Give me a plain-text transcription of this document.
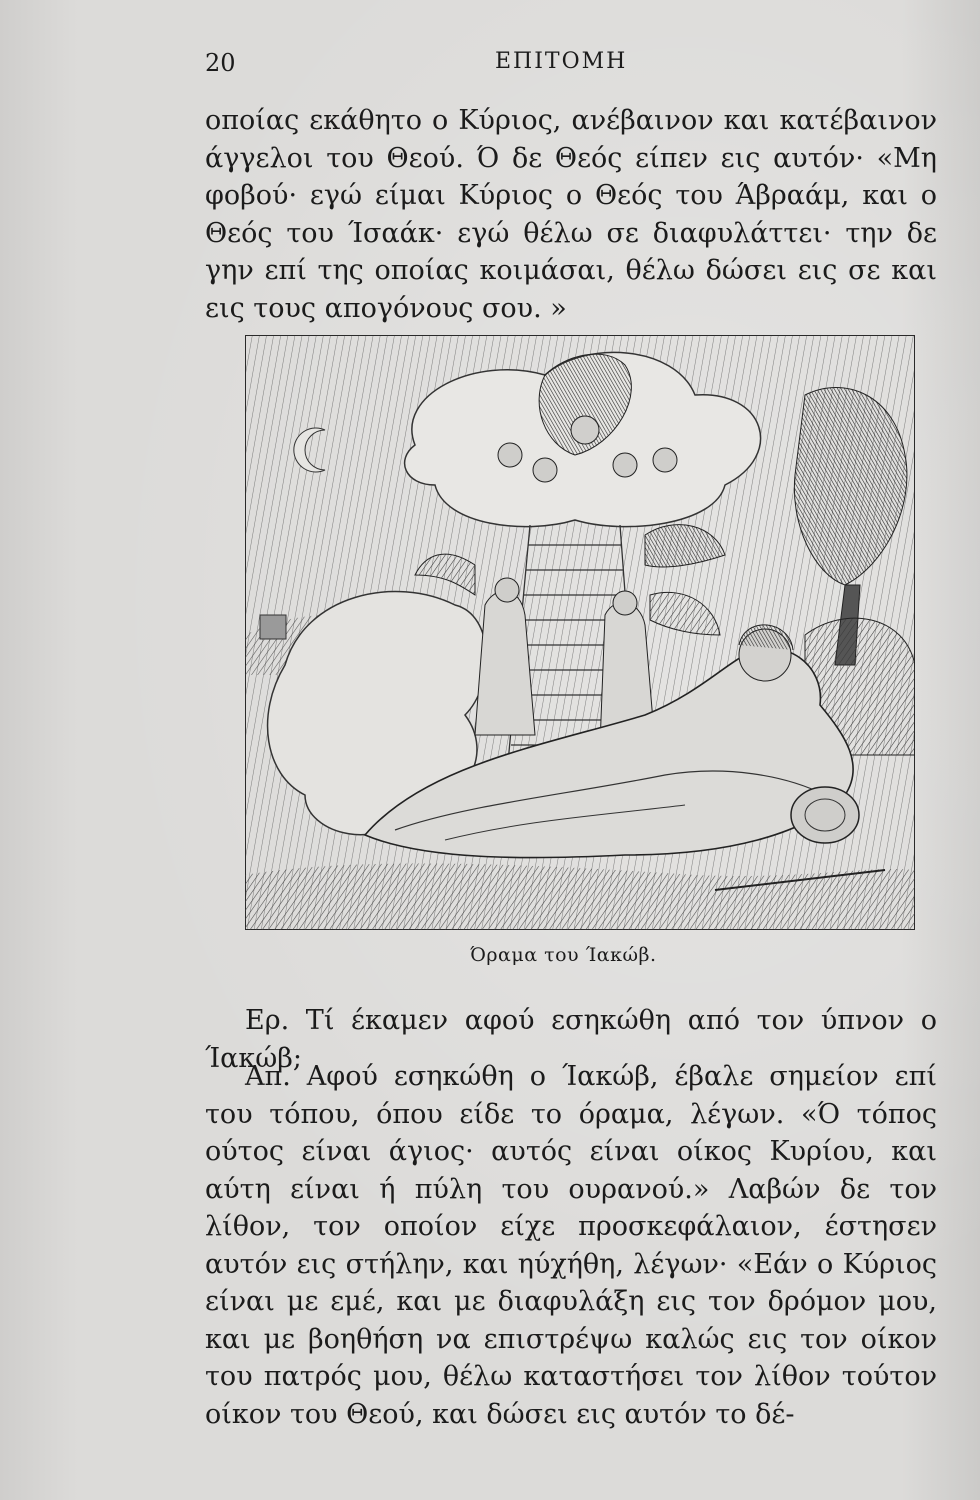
20	ΕΠΙΤΟΜΗ

οποίας εκάθητο ο Κύριος, ανέβαινον και κατέβαινον άγγελοι του Θεού. Ό δε Θεός είπεν εις αυτόν· «Μη φοβού· εγώ είμαι Κύριος ο Θεός του Άβραάμ, και ο Θεός του Ίσαάκ· εγώ θέλω σε διαφυλάττει· την δε γην επί της οποίας κοιμάσαι, θέλω δώσει εις σε και εις τους απογόνους σου. »

Όραμα του Ίακώβ.

Ερ. Τί έκαμεν αφού εσηκώθη από τον ύπνον ο Ίακώβ;

Απ. Αφού εσηκώθη ο Ίακώβ, έβαλε σημείον επί του τόπου, όπου είδε το όραμα, λέγων. «Ό τόπος ούτος είναι άγιος· αυτός είναι οίκος Κυρίου, και αύτη είναι ή πύλη του ουρανού.» Λαβών δε τον λίθον, τον οποίον είχε προσκεφάλαιον, έστησεν αυτόν εις στήλην, και ηύχήθη, λέγων· «Εάν ο Κύριος είναι με εμέ, και με διαφυλάξη εις τον δρόμον μου, και με βοηθήση να επιστρέψω καλώς εις τον οίκον του πατρός μου, θέλω καταστήσει τον λίθον τούτον οίκον του Θεού, και δώσει εις αυτόν το δέ-
